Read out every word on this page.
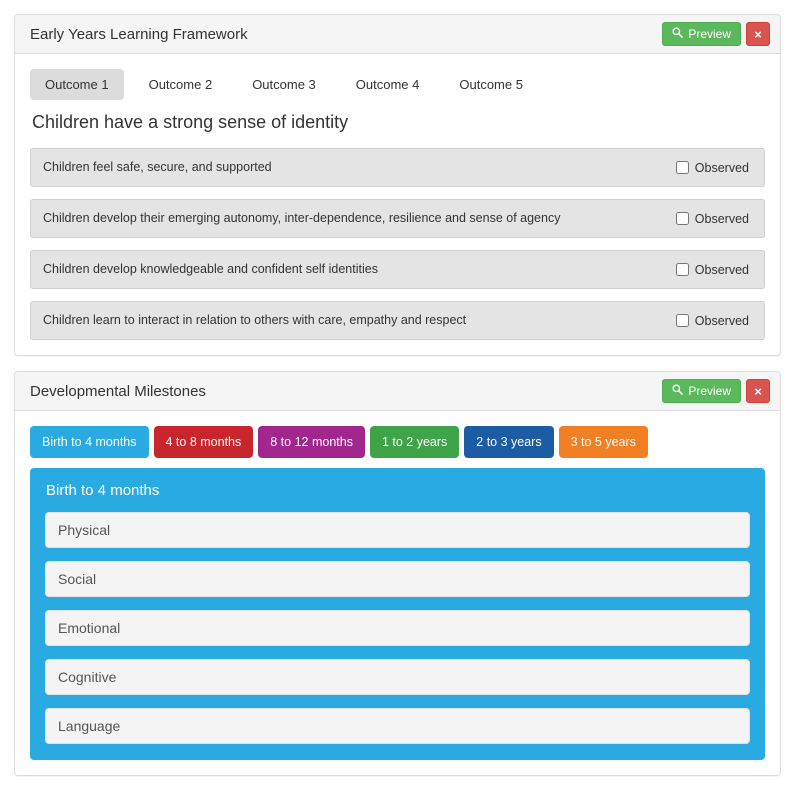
Early Years Learning Framework	Preview ×
Outcome 1	Outcome 2	Outcome 3	Outcome 4	Outcome 5
Children have a strong sense of identity
Children feel safe, secure, and supported	Observed
Children develop their emerging autonomy, inter-dependence, resilience and sense of agency	Observed
Children develop knowledgeable and confident self identities	Observed
Children learn to interact in relation to others with care, empathy and respect	Observed
Developmental Milestones	Preview ×
Birth to 4 months	4 to 8 months	8 to 12 months	1 to 2 years	2 to 3 years	3 to 5 years
Birth to 4 months
Physical
Social
Emotional
Cognitive
Language
